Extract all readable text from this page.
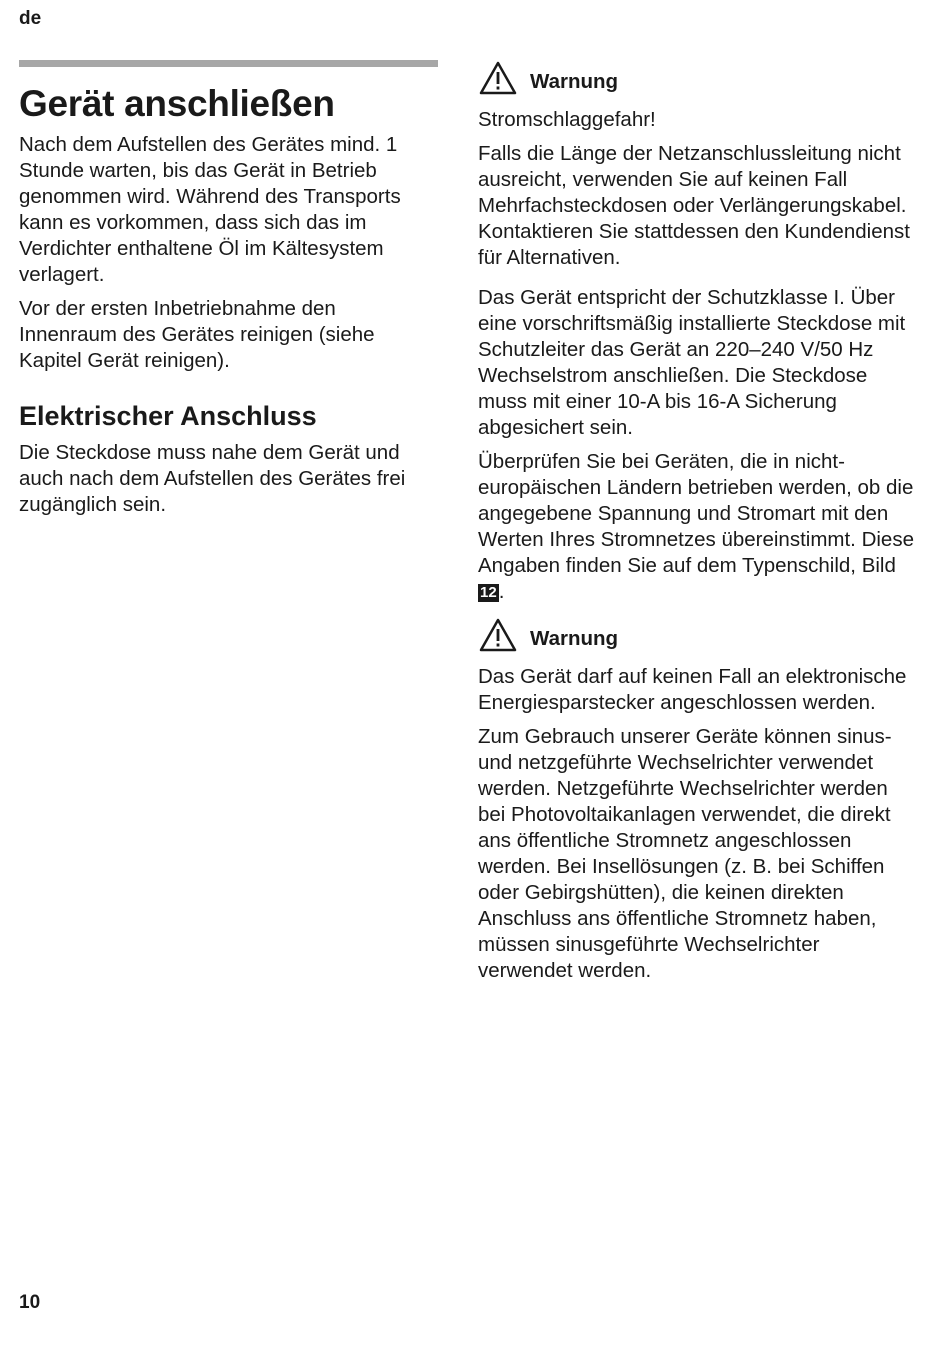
de
Gerät anschließen

Nach dem Aufstellen des Gerätes mind. 1 Stunde warten, bis das Gerät in Betrieb genommen wird. Während des Transports kann es vorkommen, dass sich das im Verdichter enthaltene Öl im Kältesystem verlagert.

Vor der ersten Inbetriebnahme den Innenraum des Gerätes reinigen (siehe Kapitel Gerät reinigen).

Elektrischer Anschluss

Die Steckdose muss nahe dem Gerät und auch nach dem Aufstellen des Gerätes frei zugänglich sein.

Warnung

Stromschlaggefahr!

Falls die Länge der Netzanschlussleitung nicht ausreicht, verwenden Sie auf keinen Fall Mehrfachsteckdosen oder Verlängerungskabel. Kontaktieren Sie stattdessen den Kundendienst für Alternativen.

Das Gerät entspricht der Schutzklasse I. Über eine vorschriftsmäßig installierte Steckdose mit Schutzleiter das Gerät an 220–240 V/50 Hz Wechselstrom anschließen. Die Steckdose muss mit einer 10-A bis 16-A Sicherung abgesichert sein.

Überprüfen Sie bei Geräten, die in nicht-europäischen Ländern betrieben werden, ob die angegebene Spannung und Stromart mit den Werten Ihres Stromnetzes übereinstimmt. Diese Angaben finden Sie auf dem Typenschild, Bild 12.

Warnung

Das Gerät darf auf keinen Fall an elektronische Energiesparstecker angeschlossen werden.

Zum Gebrauch unserer Geräte können sinus- und netzgeführte Wechselrichter verwendet werden. Netzgeführte Wechselrichter werden bei Photovoltaikanlagen verwendet, die direkt ans öffentliche Stromnetz angeschlossen werden. Bei Insellösungen (z. B. bei Schiffen oder Gebirgshütten), die keinen direkten Anschluss ans öffentliche Stromnetz haben, müssen sinusgeführte Wechselrichter verwendet werden.

10
